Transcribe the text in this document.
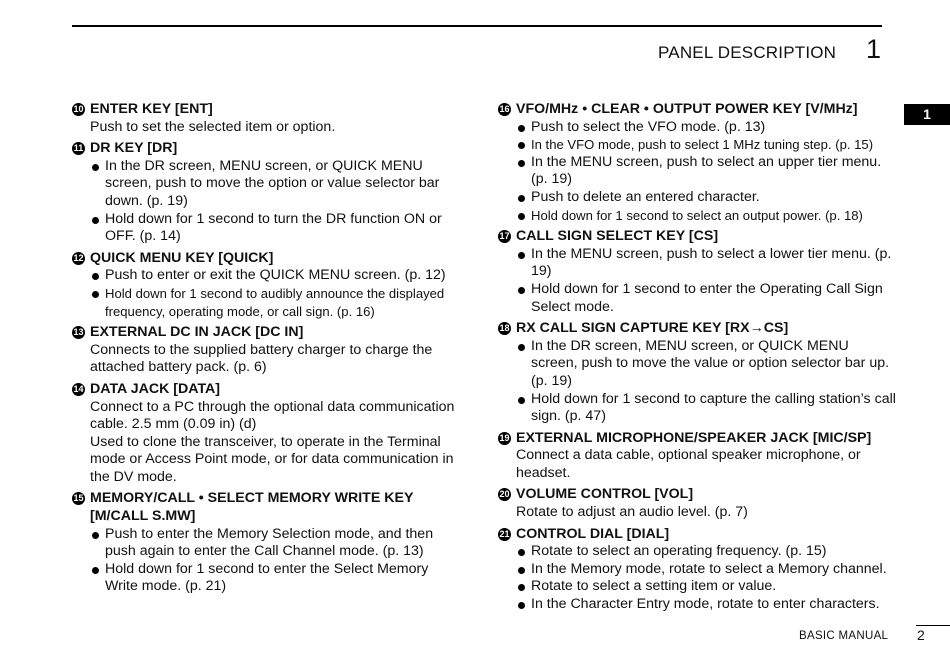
PANEL DESCRIPTION 1
1
10 ENTER KEY [ENT]
Push to set the selected item or option.
11 DR KEY [DR]
In the DR screen, MENU screen, or QUICK MENU screen, push to move the option or value selector bar down. (p. 19)
Hold down for 1 second to turn the DR function ON or OFF. (p. 14)
12 QUICK MENU KEY [QUICK]
Push to enter or exit the QUICK MENU screen. (p. 12)
Hold down for 1 second to audibly announce the displayed frequency, operating mode, or call sign. (p. 16)
13 EXTERNAL DC IN JACK [DC IN]
Connects to the supplied battery charger to charge the attached battery pack. (p. 6)
14 DATA JACK [DATA]
Connect to a PC through the optional data communication cable. 2.5 mm (0.09 in) (d)
Used to clone the transceiver, to operate in the Terminal mode or Access Point mode, or for data communication in the DV mode.
15 MEMORY/CALL • SELECT MEMORY WRITE KEY [M/CALL S.MW]
Push to enter the Memory Selection mode, and then push again to enter the Call Channel mode. (p. 13)
Hold down for 1 second to enter the Select Memory Write mode. (p. 21)
16 VFO/MHz • CLEAR • OUTPUT POWER KEY [V/MHz]
Push to select the VFO mode. (p. 13)
In the VFO mode, push to select 1 MHz tuning step. (p. 15)
In the MENU screen, push to select an upper tier menu. (p. 19)
Push to delete an entered character.
Hold down for 1 second to select an output power. (p. 18)
17 CALL SIGN SELECT KEY [CS]
In the MENU screen, push to select a lower tier menu. (p. 19)
Hold down for 1 second to enter the Operating Call Sign Select mode.
18 RX CALL SIGN CAPTURE KEY [RX→CS]
In the DR screen, MENU screen, or QUICK MENU screen, push to move the value or option selector bar up. (p. 19)
Hold down for 1 second to capture the calling station’s call sign. (p. 47)
19 EXTERNAL MICROPHONE/SPEAKER JACK [MIC/SP]
Connect a data cable, optional speaker microphone, or headset.
20 VOLUME CONTROL [VOL]
Rotate to adjust an audio level. (p. 7)
21 CONTROL DIAL [DIAL]
Rotate to select an operating frequency. (p. 15)
In the Memory mode, rotate to select a Memory channel.
Rotate to select a setting item or value.
In the Character Entry mode, rotate to enter characters.
BASIC MANUAL 2
